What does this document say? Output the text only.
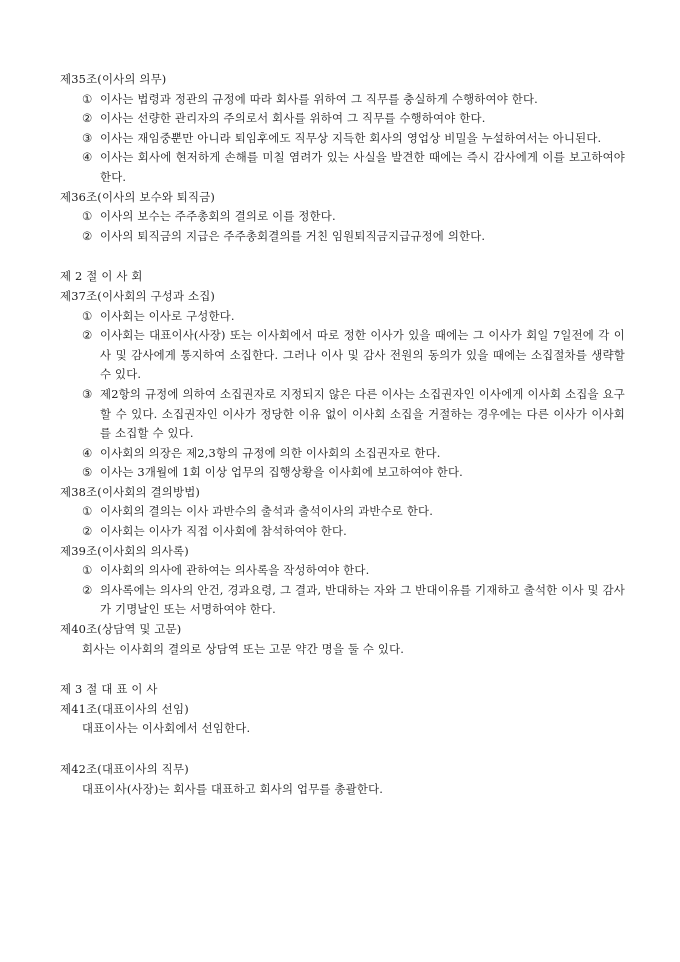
제35조(이사의 의무)
① 이사는 법령과 정관의 규정에 따라 회사를 위하여 그 직무를 충실하게 수행하여야 한다.
② 이사는 선량한 관리자의 주의로서 회사를 위하여 그 직무를 수행하여야 한다.
③ 이사는 재임중뿐만 아니라 퇴임후에도 직무상 지득한 회사의 영업상 비밀을 누설하여서는 아니된다.
④ 이사는 회사에 현저하게 손해를 미칠 염려가 있는 사실을 발견한 때에는 즉시 감사에게 이를 보고하여야 한다.
제36조(이사의 보수와 퇴직금)
① 이사의 보수는 주주총회의 결의로 이를 정한다.
② 이사의 퇴직금의 지급은 주주총회결의를 거친 임원퇴직금지급규정에 의한다.
제 2 절 이 사 회
제37조(이사회의 구성과 소집)
① 이사회는 이사로 구성한다.
② 이사회는 대표이사(사장) 또는 이사회에서 따로 정한 이사가 있을 때에는 그 이사가 회일 7일전에 각 이사 및 감사에게 통지하여 소집한다. 그러나 이사 및 감사 전원의 동의가 있을 때에는 소집절차를 생략할 수 있다.
③ 제2항의 규정에 의하여 소집권자로 지정되지 않은 다른 이사는 소집권자인 이사에게 이사회 소집을 요구할 수 있다. 소집권자인 이사가 정당한 이유 없이 이사회 소집을 거절하는 경우에는 다른 이사가 이사회를 소집할 수 있다.
④ 이사회의 의장은 제2,3항의 규정에 의한 이사회의 소집권자로 한다.
⑤ 이사는 3개월에 1회 이상 업무의 집행상황을 이사회에 보고하여야 한다.
제38조(이사회의 결의방법)
① 이사회의 결의는 이사 과반수의 출석과 출석이사의 과반수로 한다.
② 이사회는 이사가 직접 이사회에 참석하여야 한다.
제39조(이사회의 의사록)
① 이사회의 의사에 관하여는 의사록을 작성하여야 한다.
② 의사록에는 의사의 안건, 경과요령, 그 결과, 반대하는 자와 그 반대이유를 기재하고 출석한 이사 및 감사가 기명날인 또는 서명하여야 한다.
제40조(상담역 및 고문)
회사는 이사회의 결의로 상담역 또는 고문 약간 명을 둘 수 있다.
제 3 절 대 표 이 사
제41조(대표이사의 선임)
대표이사는 이사회에서 선임한다.
제42조(대표이사의 직무)
대표이사(사장)는 회사를 대표하고 회사의 업무를 총괄한다.
